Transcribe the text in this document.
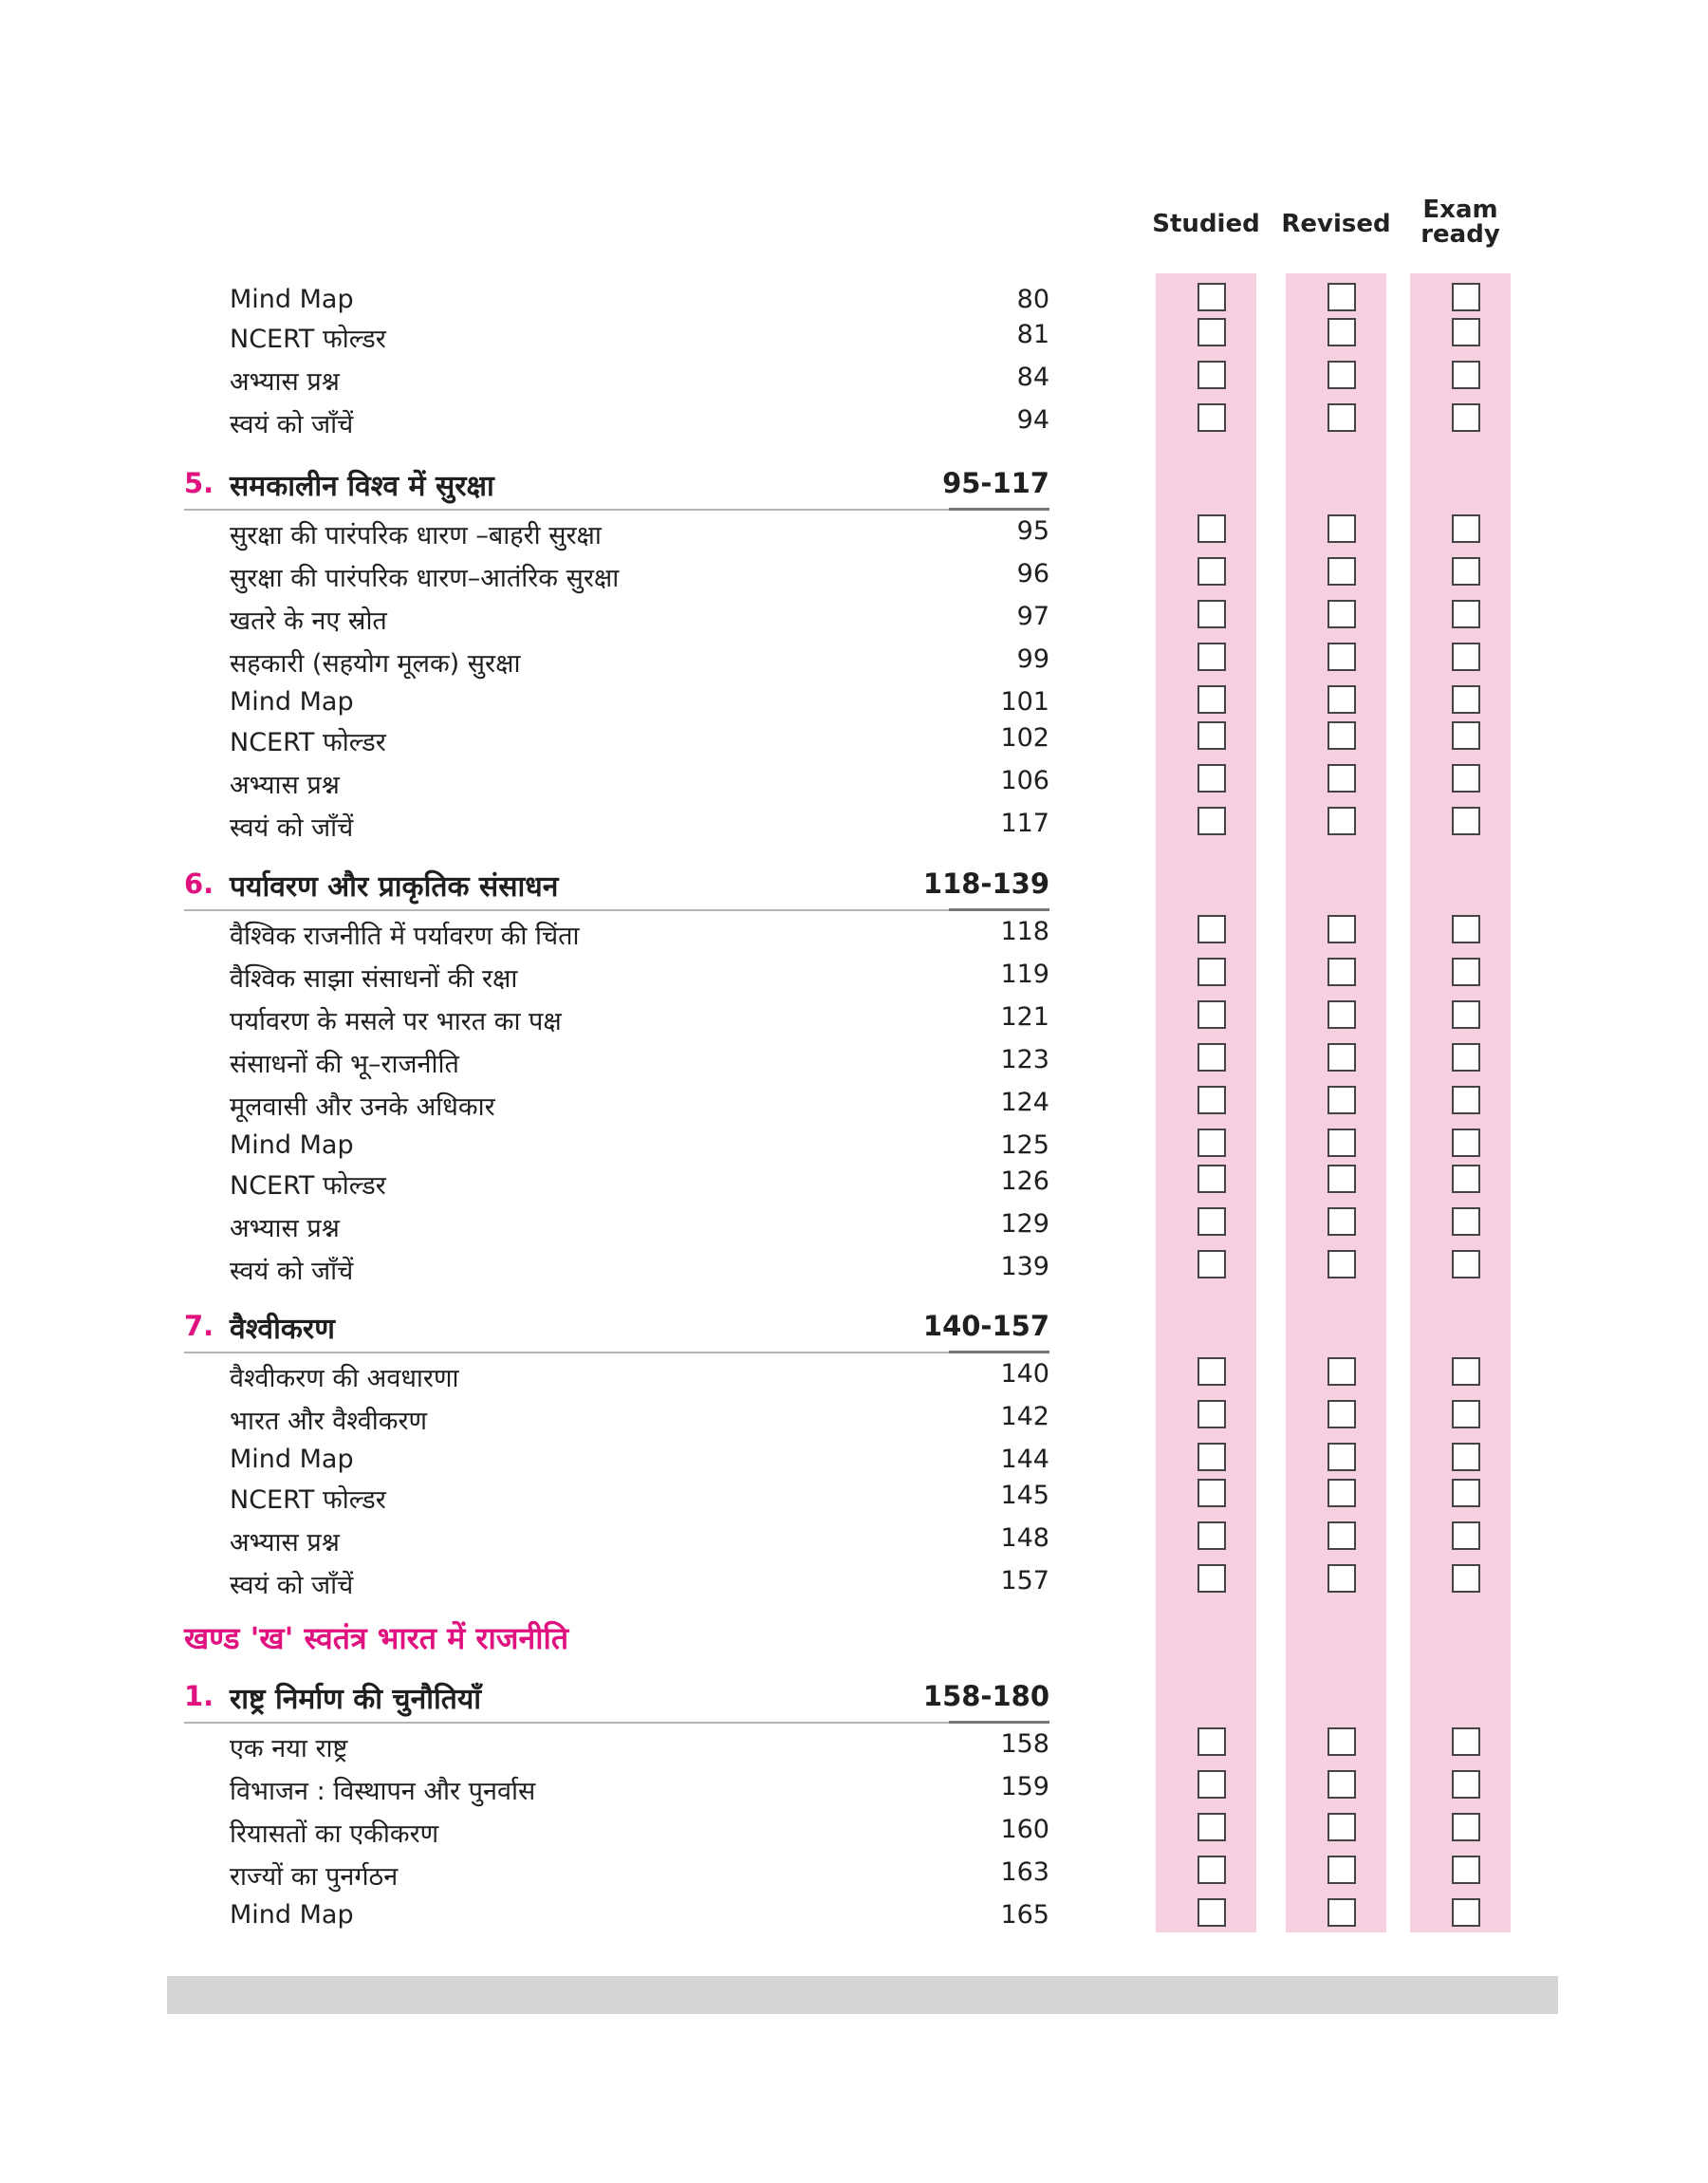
Studied Revised	Exam
ready
Mind Map	80
NCERT फोल्डर	81
अभ्यास प्रश्न	84
स्वयं को जाँचें	94
5. समकालीन विश्व में सुरक्षा	95-117
सुरक्षा की पारंपरिक धारण –बाहरी सुरक्षा	95
सुरक्षा की पारंपरिक धारण–आतंरिक सुरक्षा	96
खतरे के नए स्रोत	97
सहकारी (सहयोग मूलक) सुरक्षा	99
Mind Map	101
NCERT फोल्डर	102
अभ्यास प्रश्न	106
स्वयं को जाँचें	117
6. पर्यावरण और प्राकृतिक संसाधन	118-139
वैश्विक राजनीति में पर्यावरण की चिंता	118
वैश्विक साझा संसाधनों की रक्षा	119
पर्यावरण के मसले पर भारत का पक्ष	121
संसाधनों की भू–राजनीति	123
मूलवासी और उनके अधिकार	124
Mind Map	125
NCERT फोल्डर	126
अभ्यास प्रश्न	129
स्वयं को जाँचें	139
7. वैश्वीकरण	140-157
वैश्वीकरण की अवधारणा	140
भारत और वैश्वीकरण	142
Mind Map	144
NCERT फोल्डर	145
अभ्यास प्रश्न	148
स्वयं को जाँचें	157
खण्ड 'ख' स्वतंत्र भारत में राजनीति
1. राष्ट्र निर्माण की चुनौतियाँ	158-180
एक नया राष्ट्र	158
विभाजन : विस्थापन और पुनर्वास	159
रियासतों का एकीकरण	160
राज्यों का पुनर्गठन	163
Mind Map	165
